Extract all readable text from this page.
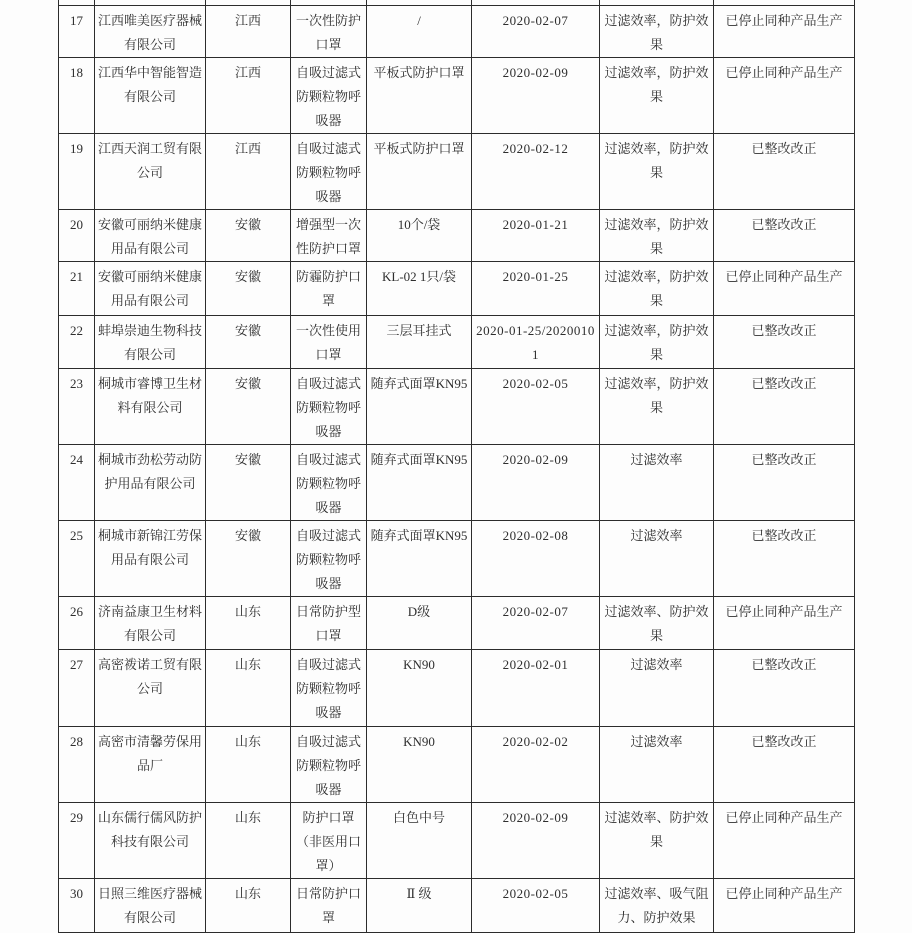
17	江西唯美医疗器械有限公司	江西	一次性防护口罩	/	2020-02-07	过滤效率，防护效果	已停止同种产品生产
18	江西华中智能智造有限公司	江西	自吸过滤式防颗粒物呼吸器	平板式防护口罩	2020-02-09	过滤效率，防护效果	已停止同种产品生产
19	江西天润工贸有限公司	江西	自吸过滤式防颗粒物呼吸器	平板式防护口罩	2020-02-12	过滤效率，防护效果	已整改改正
20	安徽可丽纳米健康用品有限公司	安徽	增强型一次性防护口罩	10个/袋	2020-01-21	过滤效率，防护效果	已整改改正
21	安徽可丽纳米健康用品有限公司	安徽	防霾防护口罩	KL-02 1只/袋	2020-01-25	过滤效率，防护效果	已停止同种产品生产
22	蚌埠崇迪生物科技有限公司	安徽	一次性使用口罩	三层耳挂式	2020-01-25/20200101	过滤效率，防护效果	已整改改正
23	桐城市睿博卫生材料有限公司	安徽	自吸过滤式防颗粒物呼吸器	随弃式面罩KN95	2020-02-05	过滤效率，防护效果	已整改改正
24	桐城市劲松劳动防护用品有限公司	安徽	自吸过滤式防颗粒物呼吸器	随弃式面罩KN95	2020-02-09	过滤效率	已整改改正
25	桐城市新锦江劳保用品有限公司	安徽	自吸过滤式防颗粒物呼吸器	随弃式面罩KN95	2020-02-08	过滤效率	已整改改正
26	济南益康卫生材料有限公司	山东	日常防护型口罩	D级	2020-02-07	过滤效率、防护效果	已停止同种产品生产
27	高密袯诺工贸有限公司	山东	自吸过滤式防颗粒物呼吸器	KN90	2020-02-01	过滤效率	已整改改正
28	高密市清馨劳保用品厂	山东	自吸过滤式防颗粒物呼吸器	KN90	2020-02-02	过滤效率	已整改改正
29	山东儒行儒风防护科技有限公司	山东	防护口罩（非医用口罩）	白色中号	2020-02-09	过滤效率、防护效果	已停止同种产品生产
30	日照三维医疗器械有限公司	山东	日常防护口罩	Ⅱ 级	2020-02-05	过滤效率、吸气阻力、防护效果	已停止同种产品生产
